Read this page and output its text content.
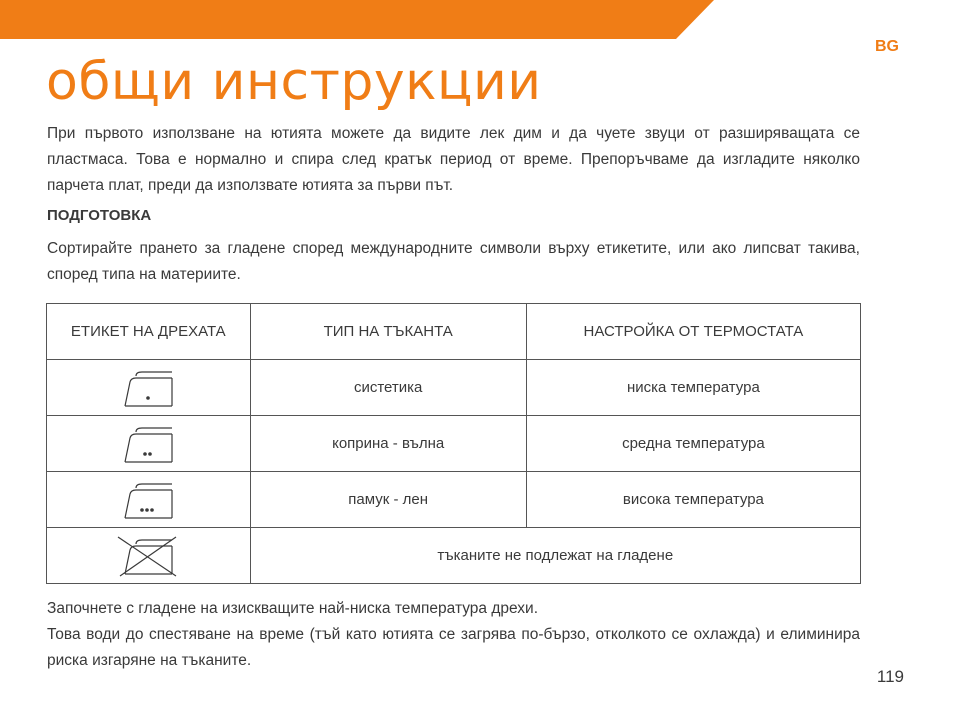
BG
общи инструкции

При първото използване на ютията можете да видите лек дим и да чуете звуци от разширяващата се пластмаса. Това е нормално и спира след кратък период от време. Препоръчваме да изгладите няколко парчета плат, преди да използвате ютията за първи път.

ПОДГОТОВКА

Сортирайте прането за гладене според международните символи върху етикетите, или ако липсват такива, според типа на материите.

ЕТИКЕТ НА ДРЕХАТА	ТИП НА ТЪКАНТА	НАСТРОЙКА ОТ ТЕРМОСТАТА

	систетика	ниска температура

	коприна - вълна	средна температура

	памук - лен	висока температура

	тъканите не подлежат на гладене	

Започнете с гладене на изискващите най-ниска температура дрехи.
Това води до спестяване на време (тъй като ютията се загрява по-бързо, отколкото се охлажда) и елиминира риска изгаряне на тъканите.

119
